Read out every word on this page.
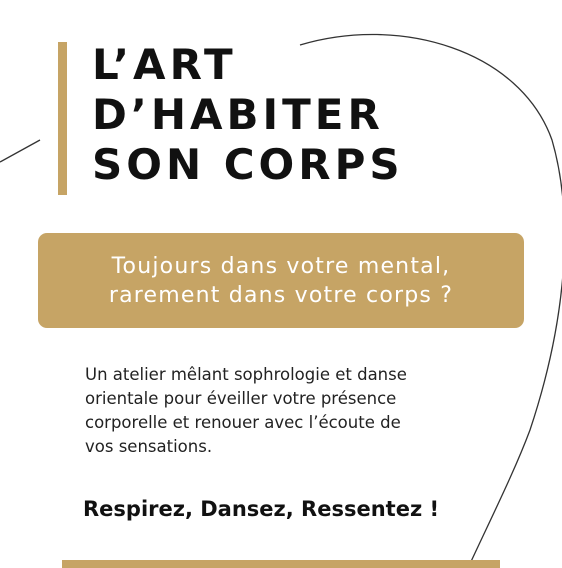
L’ART
D’HABITER
SON CORPS
Toujours dans votre mental,
rarement dans votre corps ?
Un atelier mêlant sophrologie et danse
orientale pour éveiller votre présence
corporelle et renouer avec l’écoute de
vos sensations.
Respirez, Dansez, Ressentez !
